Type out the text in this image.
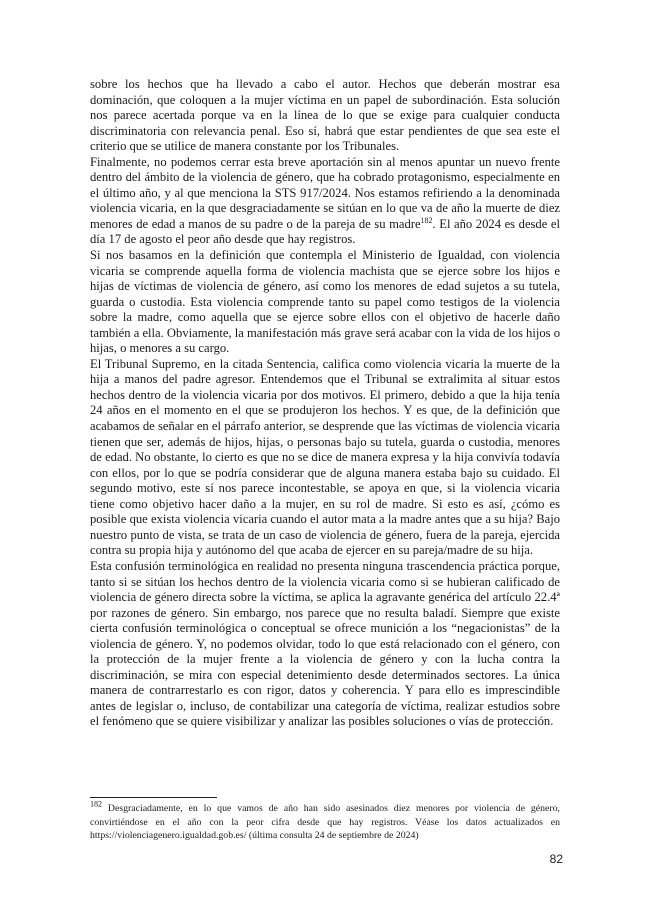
sobre los hechos que ha llevado a cabo el autor. Hechos que deberán mostrar esa dominación, que coloquen a la mujer víctima en un papel de subordinación. Esta solución nos parece acertada porque va en la línea de lo que se exige para cualquier conducta discriminatoria con relevancia penal. Eso sí, habrá que estar pendientes de que sea este el criterio que se utilice de manera constante por los Tribunales.

Finalmente, no podemos cerrar esta breve aportación sin al menos apuntar un nuevo frente dentro del ámbito de la violencia de género, que ha cobrado protagonismo, especialmente en el último año, y al que menciona la STS 917/2024. Nos estamos refiriendo a la denominada violencia vicaria, en la que desgraciadamente se sitúan en lo que va de año la muerte de diez menores de edad a manos de su padre o de la pareja de su madre$^{182}$. El año 2024 es desde el día 17 de agosto el peor año desde que hay registros.

Si nos basamos en la definición que contempla el Ministerio de Igualdad, con violencia vicaria se comprende aquella forma de violencia machista que se ejerce sobre los hijos e hijas de víctimas de violencia de género, así como los menores de edad sujetos a su tutela, guarda o custodia. Esta violencia comprende tanto su papel como testigos de la violencia sobre la madre, como aquella que se ejerce sobre ellos con el objetivo de hacerle daño también a ella. Obviamente, la manifestación más grave será acabar con la vida de los hijos o hijas, o menores a su cargo.

El Tribunal Supremo, en la citada Sentencia, califica como violencia vicaria la muerte de la hija a manos del padre agresor. Entendemos que el Tribunal se extralimita al situar estos hechos dentro de la violencia vicaria por dos motivos. El primero, debido a que la hija tenía 24 años en el momento en el que se produjeron los hechos. Y es que, de la definición que acabamos de señalar en el párrafo anterior, se desprende que las víctimas de violencia vicaria tienen que ser, además de hijos, hijas, o personas bajo su tutela, guarda o custodia, menores de edad. No obstante, lo cierto es que no se dice de manera expresa y la hija convivía todavía con ellos, por lo que se podría considerar que de alguna manera estaba bajo su cuidado. El segundo motivo, este sí nos parece incontestable, se apoya en que, si la violencia vicaria tiene como objetivo hacer daño a la mujer, en su rol de madre. Si esto es así, ¿cómo es posible que exista violencia vicaria cuando el autor mata a la madre antes que a su hija? Bajo nuestro punto de vista, se trata de un caso de violencia de género, fuera de la pareja, ejercida contra su propia hija y autónomo del que acaba de ejercer en su pareja/madre de su hija.

Esta confusión terminológica en realidad no presenta ninguna trascendencia práctica porque, tanto si se sitúan los hechos dentro de la violencia vicaria como si se hubieran calificado de violencia de género directa sobre la víctima, se aplica la agravante genérica del artículo 22.4ª por razones de género. Sin embargo, nos parece que no resulta baladí. Siempre que existe cierta confusión terminológica o conceptual se ofrece munición a los “negacionistas” de la violencia de género. Y, no podemos olvidar, todo lo que está relacionado con el género, con la protección de la mujer frente a la violencia de género y con la lucha contra la discriminación, se mira con especial detenimiento desde determinados sectores. La única manera de contrarrestarlo es con rigor, datos y coherencia. Y para ello es imprescindible antes de legislar o, incluso, de contabilizar una categoría de víctima, realizar estudios sobre el fenómeno que se quiere visibilizar y analizar las posibles soluciones o vías de protección.

$^{182}$ Desgraciadamente, en lo que vamos de año han sido asesinados diez menores por violencia de género, convirtiéndose en el año con la peor cifra desde que hay registros. Véase los datos actualizados en https://violenciagenero.igualdad.gob.es/ (última consulta 24 de septiembre de 2024)

82
